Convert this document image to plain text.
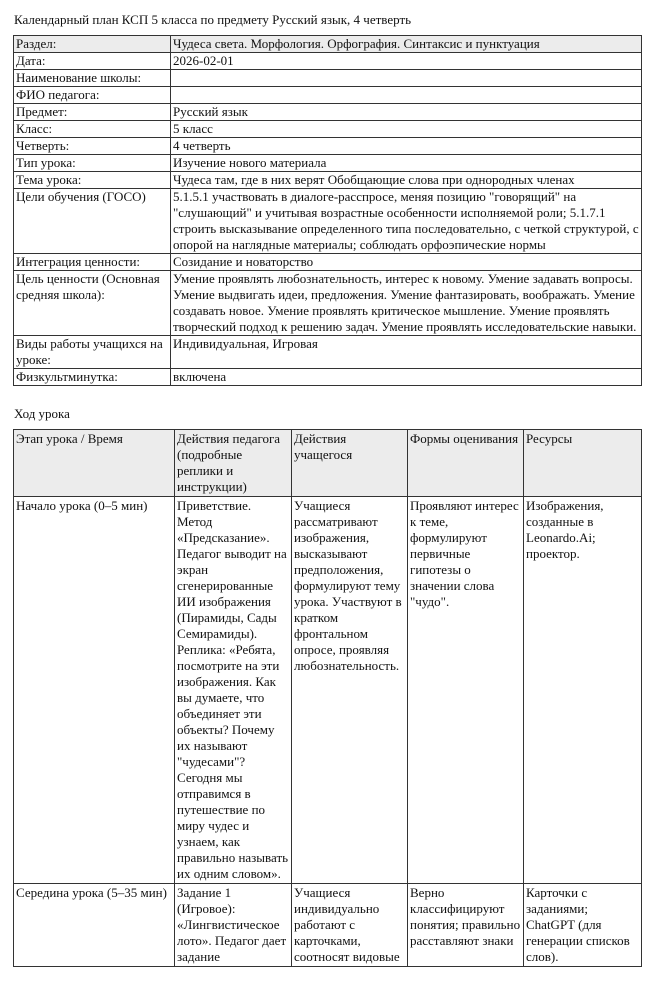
Календарный план КСП 5 класса по предмету Русский язык, 4 четверть
Раздел:	Чудеса света. Морфология. Орфография. Синтаксис и пунктуация
Дата:	2026-02-01
Наименование школы:	
ФИО педагога:	
Предмет:	Русский язык
Класс:	5 класс
Четверть:	4 четверть
Тип урока:	Изучение нового материала
Тема урока:	Чудеса там, где в них верят Обобщающие слова при однородных членах
Цели обучения (ГОСО)	5.1.5.1 участвовать в диалоге-расспросе, меняя позицию "говорящий" на "слушающий" и учитывая возрастные особенности исполняемой роли; 5.1.7.1 строить высказывание определенного типа последовательно, с четкой структурой, с опорой на наглядные материалы; соблюдать орфоэпические нормы
Интеграция ценности:	Созидание и новаторство
Цель ценности (Основная средняя школа):	Умение проявлять любознательность, интерес к новому. Умение задавать вопросы. Умение выдвигать идеи, предложения. Умение фантазировать, воображать. Умение создавать новое. Умение проявлять критическое мышление. Умение проявлять творческий подход к решению задач. Умение проявлять исследовательские навыки.
Виды работы учащихся на уроке:	Индивидуальная, Игровая
Физкультминутка:	включена
Ход урока
Этап урока / Время	Действия педагога (подробные реплики и инструкции)	Действия учащегося	Формы оценивания	Ресурсы
Начало урока (0–5 мин)	Приветствие. Метод «Предсказание». Педагог выводит на экран сгенерированные ИИ изображения (Пирамиды, Сады Семирамиды). Реплика: «Ребята, посмотрите на эти изображения. Как вы думаете, что объединяет эти объекты? Почему их называют "чудесами"? Сегодня мы отправимся в путешествие по миру чудес и узнаем, как правильно называть их одним словом».	Учащиеся рассматривают изображения, высказывают предположения, формулируют тему урока. Участвуют в кратком фронтальном опросе, проявляя любознательность.	Проявляют интерес к теме, формулируют первичные гипотезы о значении слова "чудо".	Изображения, созданные в Leonardo.Ai; проектор.
Середина урока (5–35 мин)	Задание 1 (Игровое): «Лингвистическое лото». Педагог дает задание	Учащиеся индивидуально работают с карточками, соотносят видовые	Верно классифицируют понятия; правильно расставляют знаки	Карточки с заданиями; ChatGPT (для генерации списков слов).
